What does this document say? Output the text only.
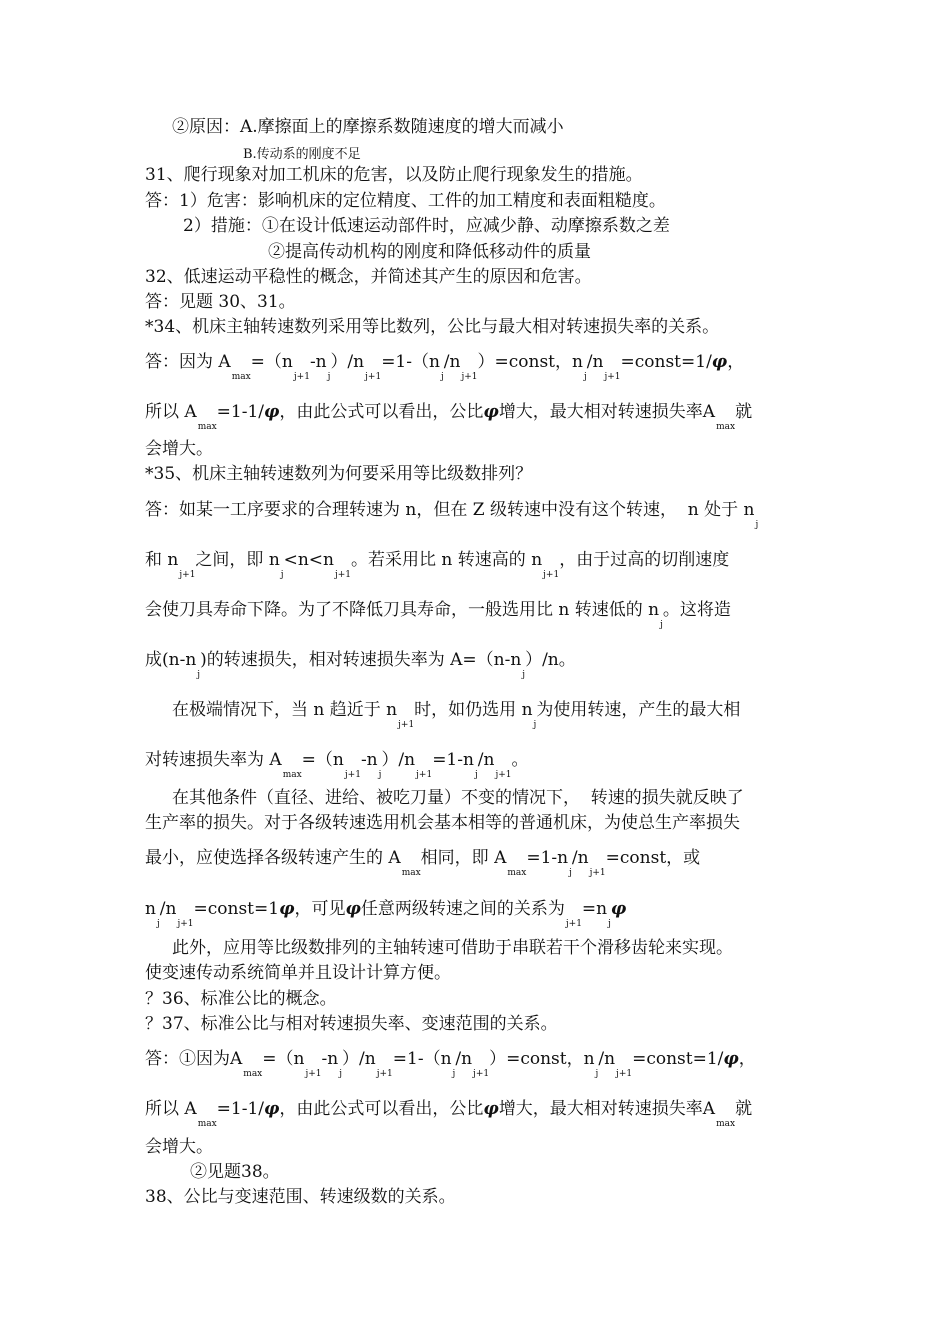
②原因：A.摩擦面上的摩擦系数随速度的增大而减小
B.传动系的刚度不足
31、爬行现象对加工机床的危害，以及防止爬行现象发生的措施。
答：1）危害：影响机床的定位精度、工件的加工精度和表面粗糙度。
2）措施：①在设计低速运动部件时，应减少静、动摩擦系数之差
②提高传动机构的刚度和降低移动件的质量
32、低速运动平稳性的概念，并简述其产生的原因和危害。
答：见题 30、31。
*34、机床主轴转速数列采用等比数列，公比与最大相对转速损失率的关系。
答：因为 $A_{max}=(n_{j+1}-n_j)/n_{j+1}=1-(n_j/n_{j+1})=const$，$n_j/n_{j+1}=const=1/\varphi$，
所以 $A_{max}=1-1/\varphi$，由此公式可以看出，公比φ增大，最大相对转速损失率$A_{max}$就
会增大。
*35、机床主轴转速数列为何要采用等比级数排列？
答：如某一工序要求的合理转速为 n，但在 Z 级转速中没有这个转速，  n 处于 $n_j$
和 $n_{j+1}$之间，即 $n_j<n<n_{j+1}$。若采用比 n 转速高的 $n_{j+1}$，由于过高的切削速度
会使刀具寿命下降。为了不降低刀具寿命，一般选用比 n 转速低的 $n_j$。这将造
成$(n-n_j)$的转速损失，相对转速损失率为 $A=(n-n_j)/n$。
在极端情况下，当 n 趋近于 $n_{j+1}$时，如仍选用 $n_j$为使用转速，产生的最大相
对转速损失率为 $A_{max}=(n_{j+1}-n_j)/n_{j+1}=1-n_j/n_{j+1}$。
在其他条件（直径、进给、被吃刀量）不变的情况下，  转速的损失就反映了
生产率的损失。对于各级转速选用机会基本相等的普通机床，为使总生产率损失
最小，应使选择各级转速产生的 $A_{max}$相同，即 $A_{max}=1-n_j/n_{j+1}=const$，或
$n_j/n_{j+1}=const=1\varphi$，可见φ任意两级转速之间的关系为$_{j+1}=n_j\varphi$
此外，应用等比级数排列的主轴转速可借助于串联若干个滑移齿轮来实现。
使变速传动系统简单并且设计计算方便。
？36、标准公比的概念。
？37、标准公比与相对转速损失率、变速范围的关系。
答：①因为$A_{max}=(n_{j+1}-n_j)/n_{j+1}=1-(n_j/n_{j+1})=const$，$n_j/n_{j+1}=const=1/\varphi$，
所以 $A_{max}=1-1/\varphi$，由此公式可以看出，公比φ增大，最大相对转速损失率$A_{max}$就
会增大。
②见题38。
38、公比与变速范围、转速级数的关系。
